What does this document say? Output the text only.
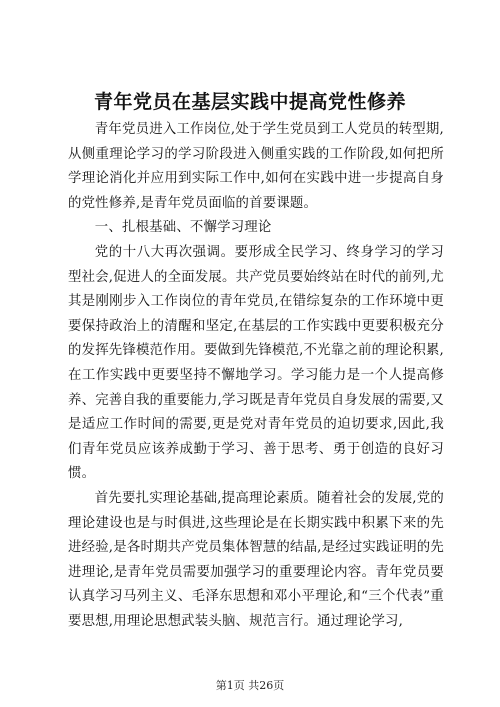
青年党员在基层实践中提高党性修养

青年党员进入工作岗位,处于学生党员到工人党员的转型期,从侧重理论学习的学习阶段进入侧重实践的工作阶段,如何把所学理论消化并应用到实际工作中,如何在实践中进一步提高自身的党性修养,是青年党员面临的首要课题。

一、扎根基础、不懈学习理论

党的十八大再次强调。要形成全民学习、终身学习的学习型社会,促进人的全面发展。共产党员要始终站在时代的前列,尤其是刚刚步入工作岗位的青年党员,在错综复杂的工作环境中更要保持政治上的清醒和坚定,在基层的工作实践中更要积极充分的发挥先锋模范作用。要做到先锋模范,不光靠之前的理论积累,在工作实践中更要坚持不懈地学习。学习能力是一个人提高修养、完善自我的重要能力,学习既是青年党员自身发展的需要,又是适应工作时间的需要,更是党对青年党员的迫切要求,因此,我们青年党员应该养成勤于学习、善于思考、勇于创造的良好习惯。

首先要扎实理论基础,提高理论素质。随着社会的发展,党的理论建设也是与时俱进,这些理论是在长期实践中积累下来的先进经验,是各时期共产党员集体智慧的结晶,是经过实践证明的先进理论,是青年党员需要加强学习的重要理论内容。青年党员要认真学习马列主义、毛泽东思想和邓小平理论,和“三个代表”重要思想,用理论思想武装头脑、规范言行。通过理论学习,

第1页 共26页
